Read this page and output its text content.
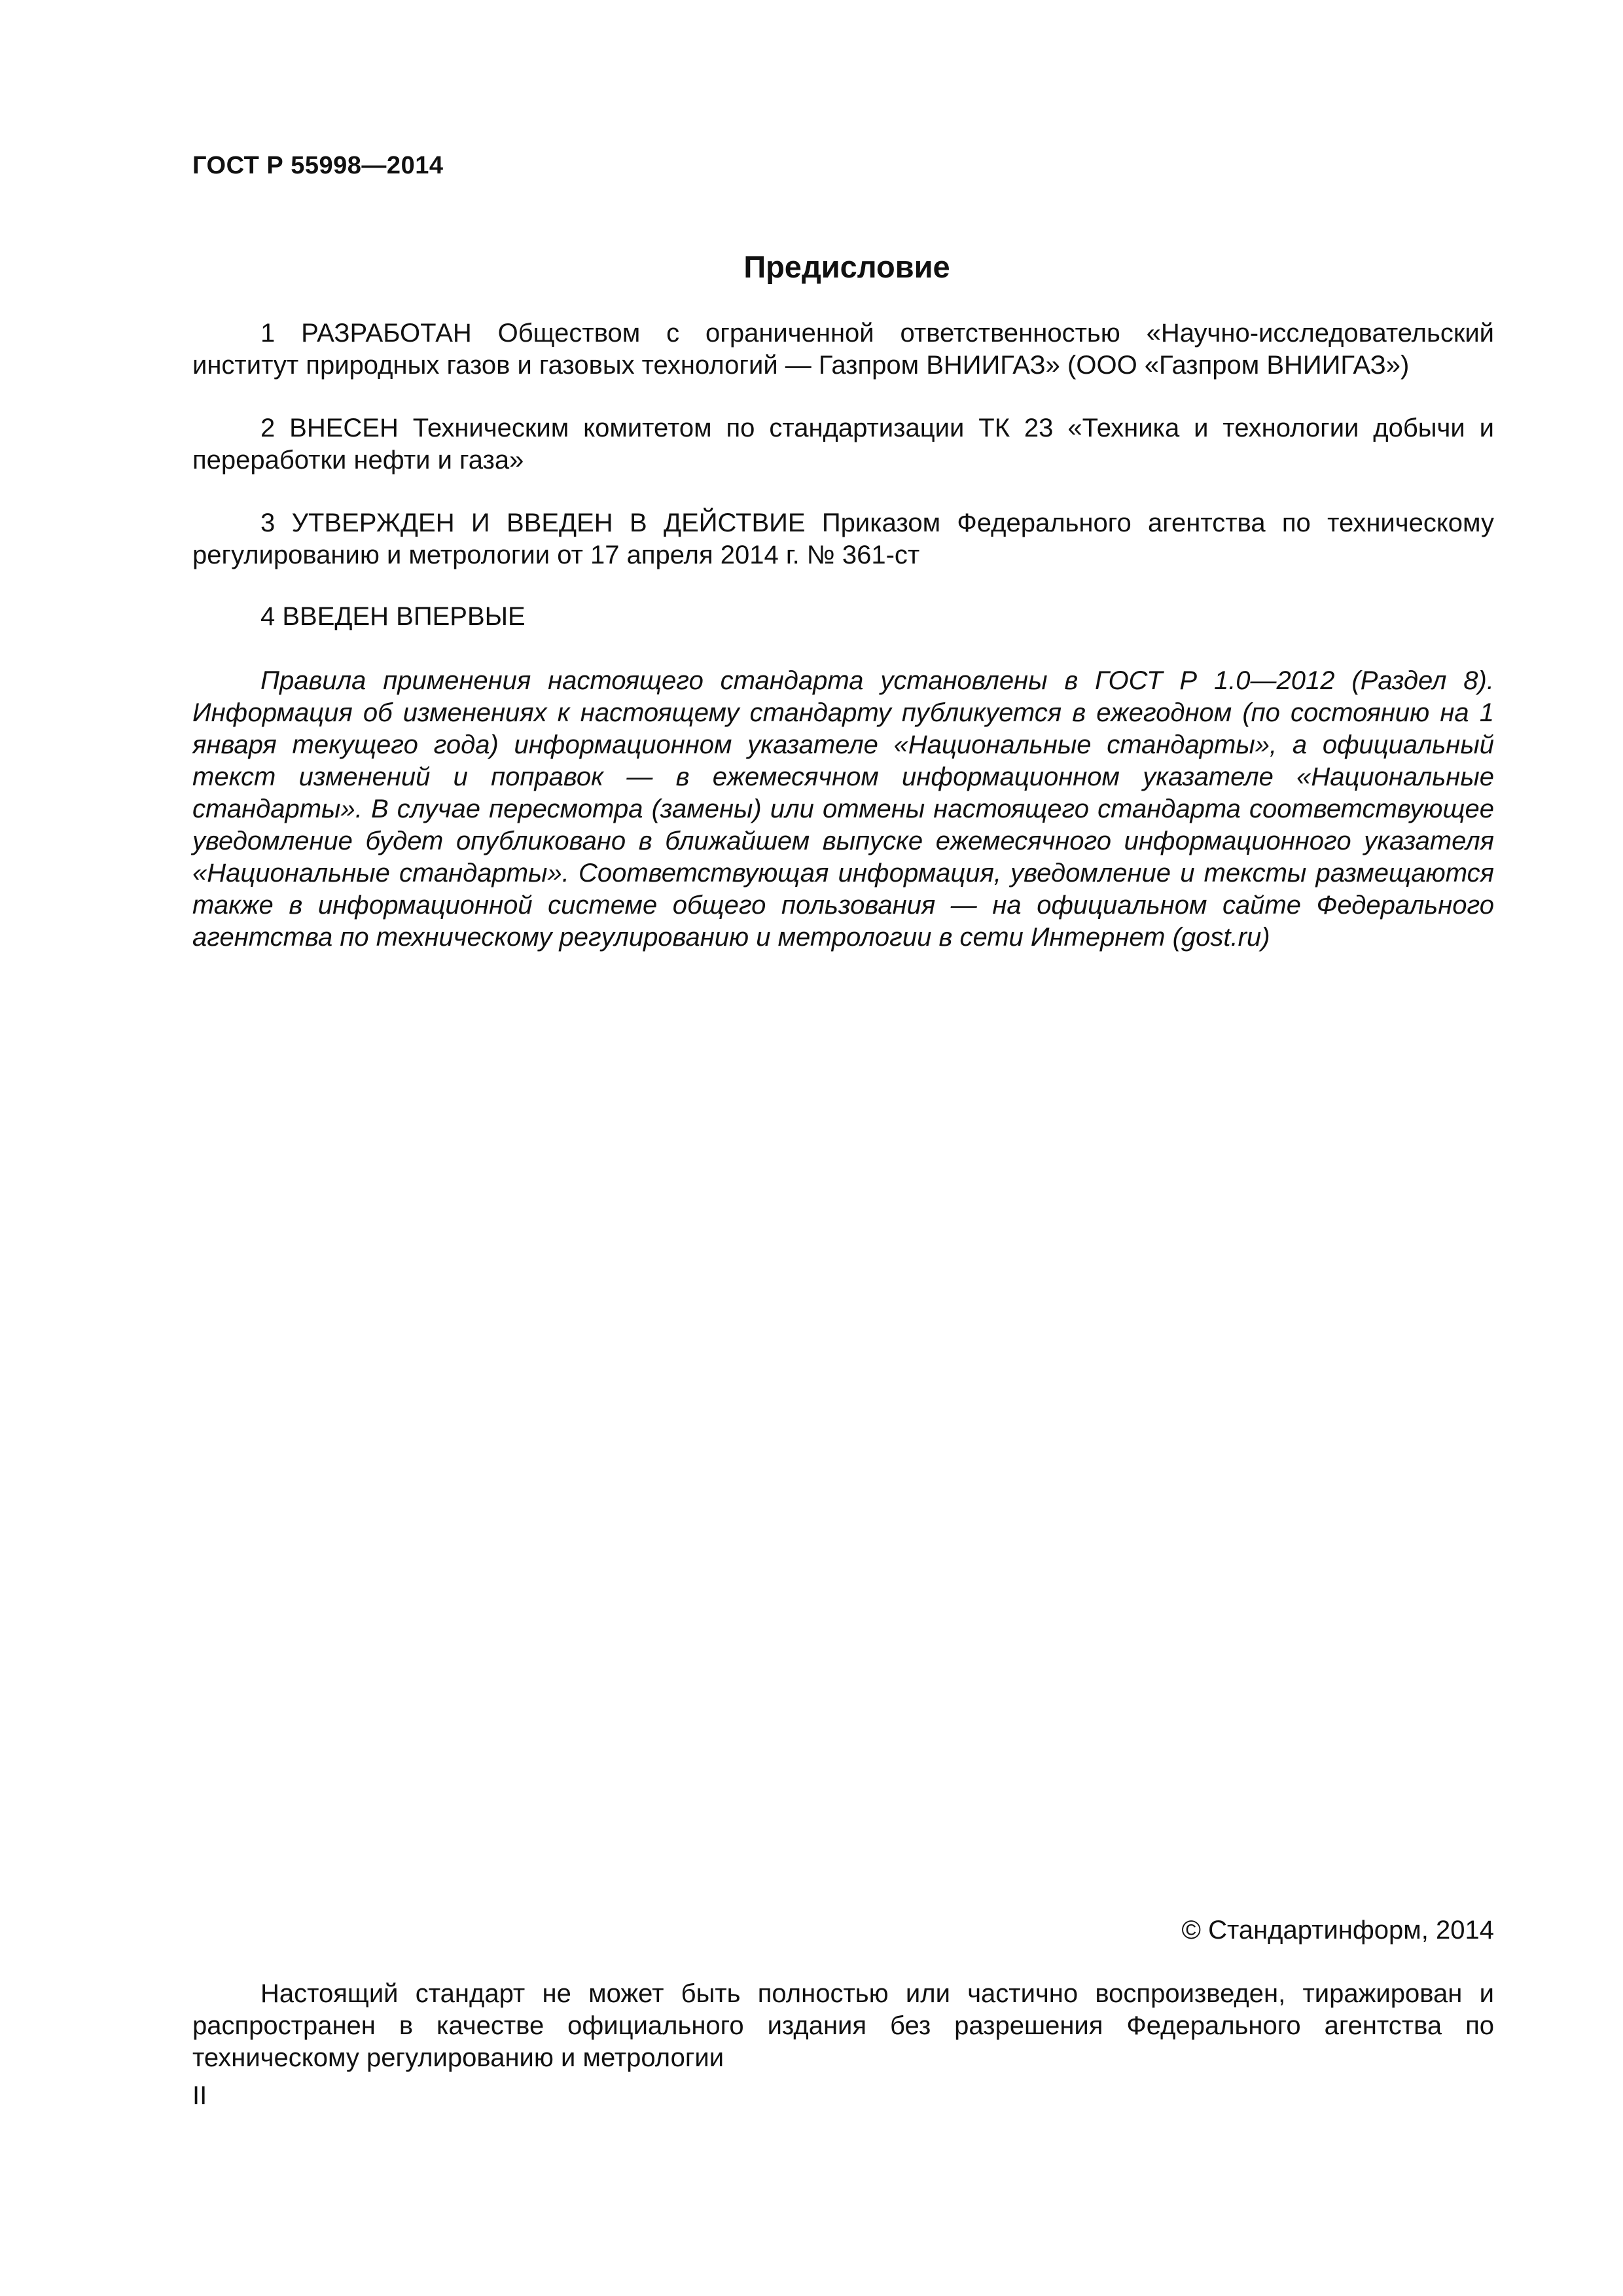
ГОСТ Р 55998—2014
Предисловие

1 РАЗРАБОТАН Обществом с ограниченной ответственностью «Научно-исследовательский институт природных газов и газовых технологий — Газпром ВНИИГАЗ» (ООО «Газпром ВНИИГАЗ»)

2 ВНЕСЕН Техническим комитетом по стандартизации ТК 23 «Техника и технологии добычи и переработки нефти и газа»

3 УТВЕРЖДЕН И ВВЕДЕН В ДЕЙСТВИЕ Приказом Федерального агентства по техническому регулированию и метрологии от 17 апреля 2014 г. № 361-ст

4 ВВЕДЕН ВПЕРВЫЕ

Правила применения настоящего стандарта установлены в ГОСТ Р 1.0—2012 (Раздел 8). Информация об изменениях к настоящему стандарту публикуется в ежегодном (по состоянию на 1 января текущего года) информационном указателе «Национальные стандарты», а официальный текст изменений и поправок — в ежемесячном информационном указателе «Национальные стандарты». В случае пересмотра (замены) или отмены настоящего стандарта соответствующее уведомление будет опубликовано в ближайшем выпуске ежемесячного информационного указателя «Национальные стандарты». Соответствующая информация, уведомление и тексты размещаются также в информационной системе общего пользования — на официальном сайте Федерального агентства по техническому регулированию и метрологии в сети Интернет (gost.ru)

© Стандартинформ, 2014

Настоящий стандарт не может быть полностью или частично воспроизведен, тиражирован и распространен в качестве официального издания без разрешения Федерального агентства по техническому регулированию и метрологии

II
